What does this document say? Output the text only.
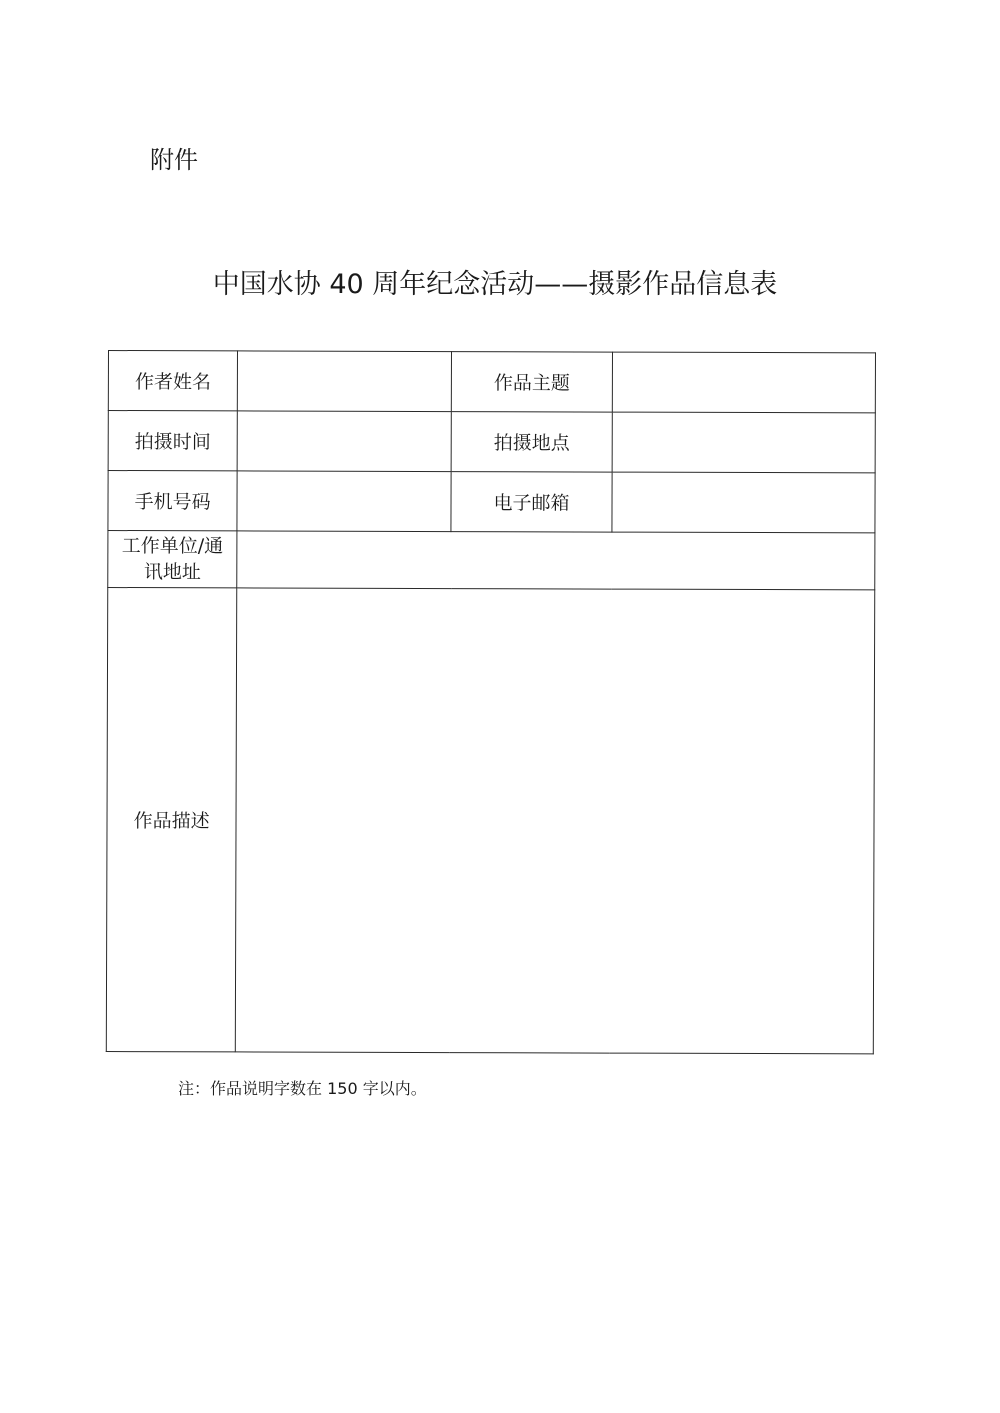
附件
中国水协 40 周年纪念活动——摄影作品信息表
作者姓名		作品主题	

拍摄时间		拍摄地点	

手机号码		电子邮箱	

工作单位/通
讯地址			

作品描述			
注：作品说明字数在 150 字以内。
